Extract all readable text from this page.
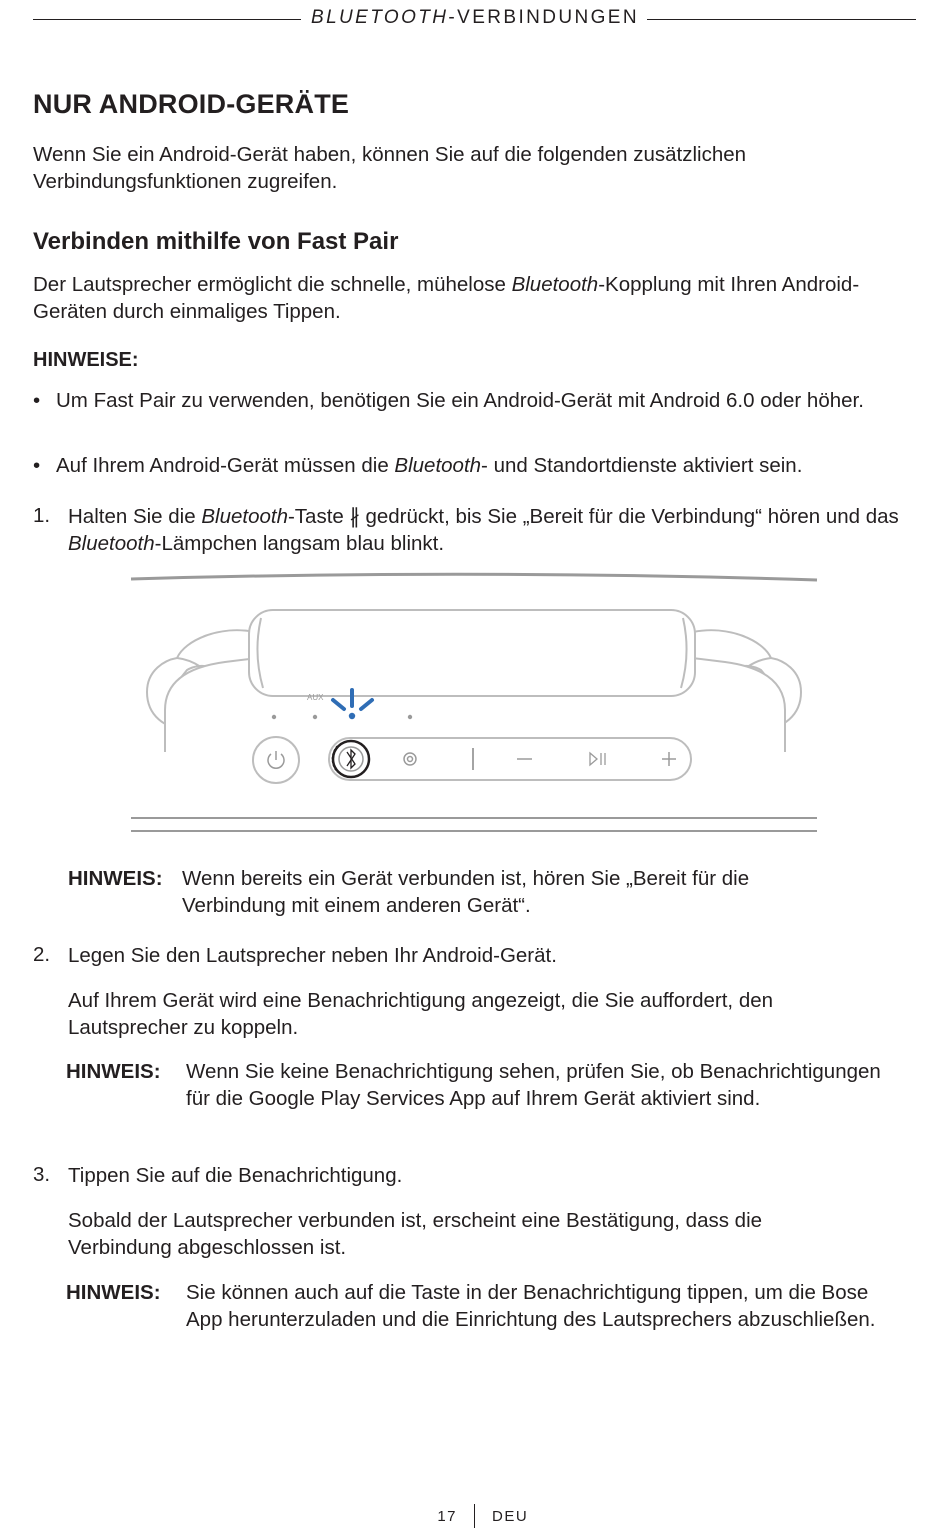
BLUETOOTH-VERBINDUNGEN
NUR ANDROID-GERÄTE

Wenn Sie ein Android-Gerät haben, können Sie auf die folgenden zusätzlichen Verbindungsfunktionen zugreifen.

Verbinden mithilfe von Fast Pair

Der Lautsprecher ermöglicht die schnelle, mühelose Bluetooth-Kopplung mit Ihren Android-Geräten durch einmaliges Tippen.

HINWEISE:
• Um Fast Pair zu verwenden, benötigen Sie ein Android-Gerät mit Android 6.0 oder höher.
• Auf Ihrem Android-Gerät müssen die Bluetooth- und Standortdienste aktiviert sein.
1. Halten Sie die Bluetooth-Taste ∦ gedrückt, bis Sie „Bereit für die Verbindung“ hören und das Bluetooth-Lämpchen langsam blau blinkt.
AUX
HINWEIS: Wenn bereits ein Gerät verbunden ist, hören Sie „Bereit für die Verbindung mit einem anderen Gerät“.
2. Legen Sie den Lautsprecher neben Ihr Android-Gerät.
Auf Ihrem Gerät wird eine Benachrichtigung angezeigt, die Sie auffordert, den Lautsprecher zu koppeln.
HINWEIS: Wenn Sie keine Benachrichtigung sehen, prüfen Sie, ob Benachrichtigungen für die Google Play Services App auf Ihrem Gerät aktiviert sind.
3. Tippen Sie auf die Benachrichtigung.
Sobald der Lautsprecher verbunden ist, erscheint eine Bestätigung, dass die Verbindung abgeschlossen ist.
HINWEIS: Sie können auch auf die Taste in der Benachrichtigung tippen, um die Bose App herunterzuladen und die Einrichtung des Lautsprechers abzuschließen.
17 DEU
